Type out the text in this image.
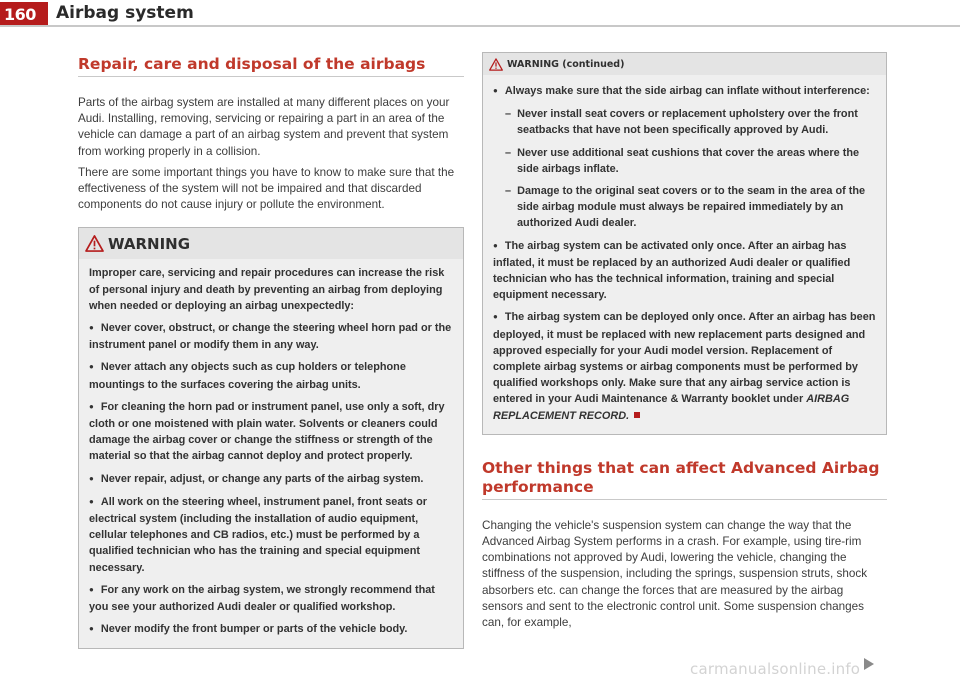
160 Airbag system
Repair, care and disposal of the airbags
Parts of the airbag system are installed at many different places on your Audi. Installing, removing, servicing or repairing a part in an area of the vehicle can damage a part of an airbag system and prevent that system from working properly in a collision.
There are some important things you have to know to make sure that the effectiveness of the system will not be impaired and that discarded components do not cause injury or pollute the environment.
WARNING

Improper care, servicing and repair procedures can increase the risk of personal injury and death by preventing an airbag from deploying when needed or deploying an airbag unexpectedly:

● Never cover, obstruct, or change the steering wheel horn pad or the instrument panel or modify them in any way.

● Never attach any objects such as cup holders or telephone mountings to the surfaces covering the airbag units.

● For cleaning the horn pad or instrument panel, use only a soft, dry cloth or one moistened with plain water. Solvents or cleaners could damage the airbag cover or change the stiffness or strength of the material so that the airbag cannot deploy and protect properly.

● Never repair, adjust, or change any parts of the airbag system.

● All work on the steering wheel, instrument panel, front seats or electrical system (including the installation of audio equipment, cellular telephones and CB radios, etc.) must be performed by a qualified technician who has the training and special equipment necessary.

● For any work on the airbag system, we strongly recommend that you see your authorized Audi dealer or qualified workshop.

● Never modify the front bumper or parts of the vehicle body.

WARNING (continued)

● Always make sure that the side airbag can inflate without interference:

–  Never install seat covers or replacement upholstery over the front seatbacks that have not been specifically approved by Audi.

–  Never use additional seat cushions that cover the areas where the side airbags inflate.

–  Damage to the original seat covers or to the seam in the area of the side airbag module must always be repaired immediately by an authorized Audi dealer.

● The airbag system can be activated only once. After an airbag has inflated, it must be replaced by an authorized Audi dealer or qualified technician who has the technical information, training and special equipment necessary.

● The airbag system can be deployed only once. After an airbag has been deployed, it must be replaced with new replacement parts designed and approved especially for your Audi model version. Replacement of complete airbag systems or airbag components must be performed by qualified workshops only. Make sure that any airbag service action is entered in your Audi Maintenance & Warranty booklet under AIRBAG REPLACEMENT RECORD.

Other things that can affect Advanced Airbag performance
Changing the vehicle's suspension system can change the way that the Advanced Airbag System performs in a crash. For example, using tire-rim combinations not approved by Audi, lowering the vehicle, changing the stiffness of the suspension, including the springs, suspension struts, shock absorbers etc. can change the forces that are measured by the airbag sensors and sent to the electronic control unit. Some suspension changes can, for example,
carmanualsonline.info
